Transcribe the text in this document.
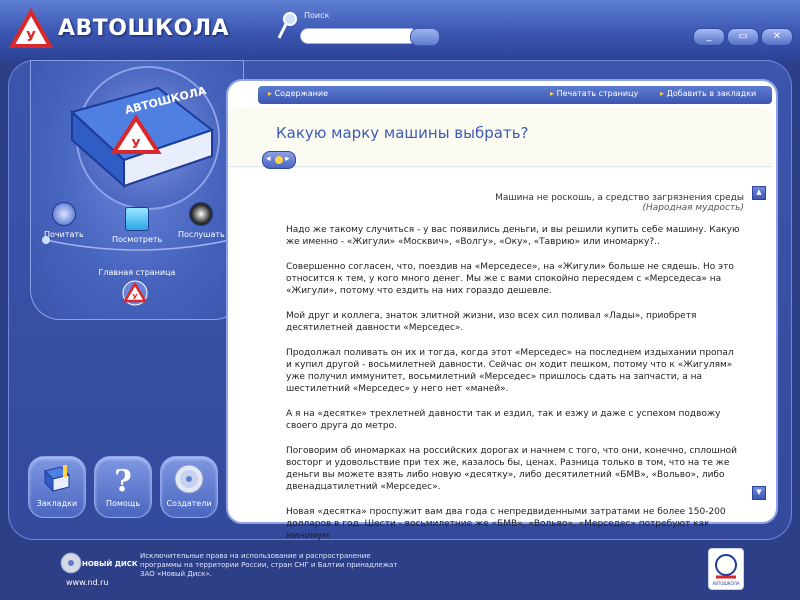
У АВТОШКОЛА
Поиск
_	▭	✕
АВТОШКОЛА
У
Почитать
Посмотреть
Послушать
Главная страница
У
Закладки
?
Помощь	Создатели
▸ Содержание	▸ Печатать страницу	▸ Добавить в закладки
Какую марку машины выбрать?
◂ ▸
Машина не роскошь, а средство загрязнения среды
(Народная мудрость)

Надо же такому случиться - у вас появились деньги, и вы решили купить себе машину. Какую же именно - «Жигули» «Москвич», «Волгу», «Оку», «Таврию» или иномарку?..

Совершенно согласен, что, поездив на «Мерседесе», на «Жигули» больше не сядешь. Но это относится к тем, у кого много денег. Мы же с вами спокойно пересядем с «Мерседеса» на «Жигули», потому что ездить на них гораздо дешевле.

Мой друг и коллега, знаток элитной жизни, изо всех сил поливал «Лады», приобретя десятилетней давности «Мерседес».

Продолжал поливать он их и тогда, когда этот «Мерседес» на последнем издыхании пропал и купил другой - восьмилетней давности. Сейчас он ходит пешком, потому что к «Жигулям» уже получил иммунитет, восьмилетний «Мерседес» пришлось сдать на запчасти, а на шестилетний «Мерседес» у него нет «маней».

А я на «десятке» трехлетней давности так и ездил, так и езжу и даже с успехом подвожу своего друга до метро.

Поговорим об иномарках на российских дорогах и начнем с того, что они, конечно, сплошной восторг и удовольствие при тех же, казалось бы, ценах. Разница только в том, что на те же деньги вы можете взять либо новую «десятку», либо десятилетний «БМВ», «Вольво», либо двенадцатилетний «Мерседес».

Новая «десятка» проспужит вам два года с непредвиденными затратами не более 150-200 долларов в год. Шести - восьмилетние же «БМВ», «Вольво», «Мерседес» потребуют как минимум

▲
▼
НОВЫЙ ДИСК
www.nd.ru
Исключительные права на использование и распространение программы на территории России, стран СНГ и Балтии принадлежат ЗАО «Новый Диск».
АВТОШКОЛА
